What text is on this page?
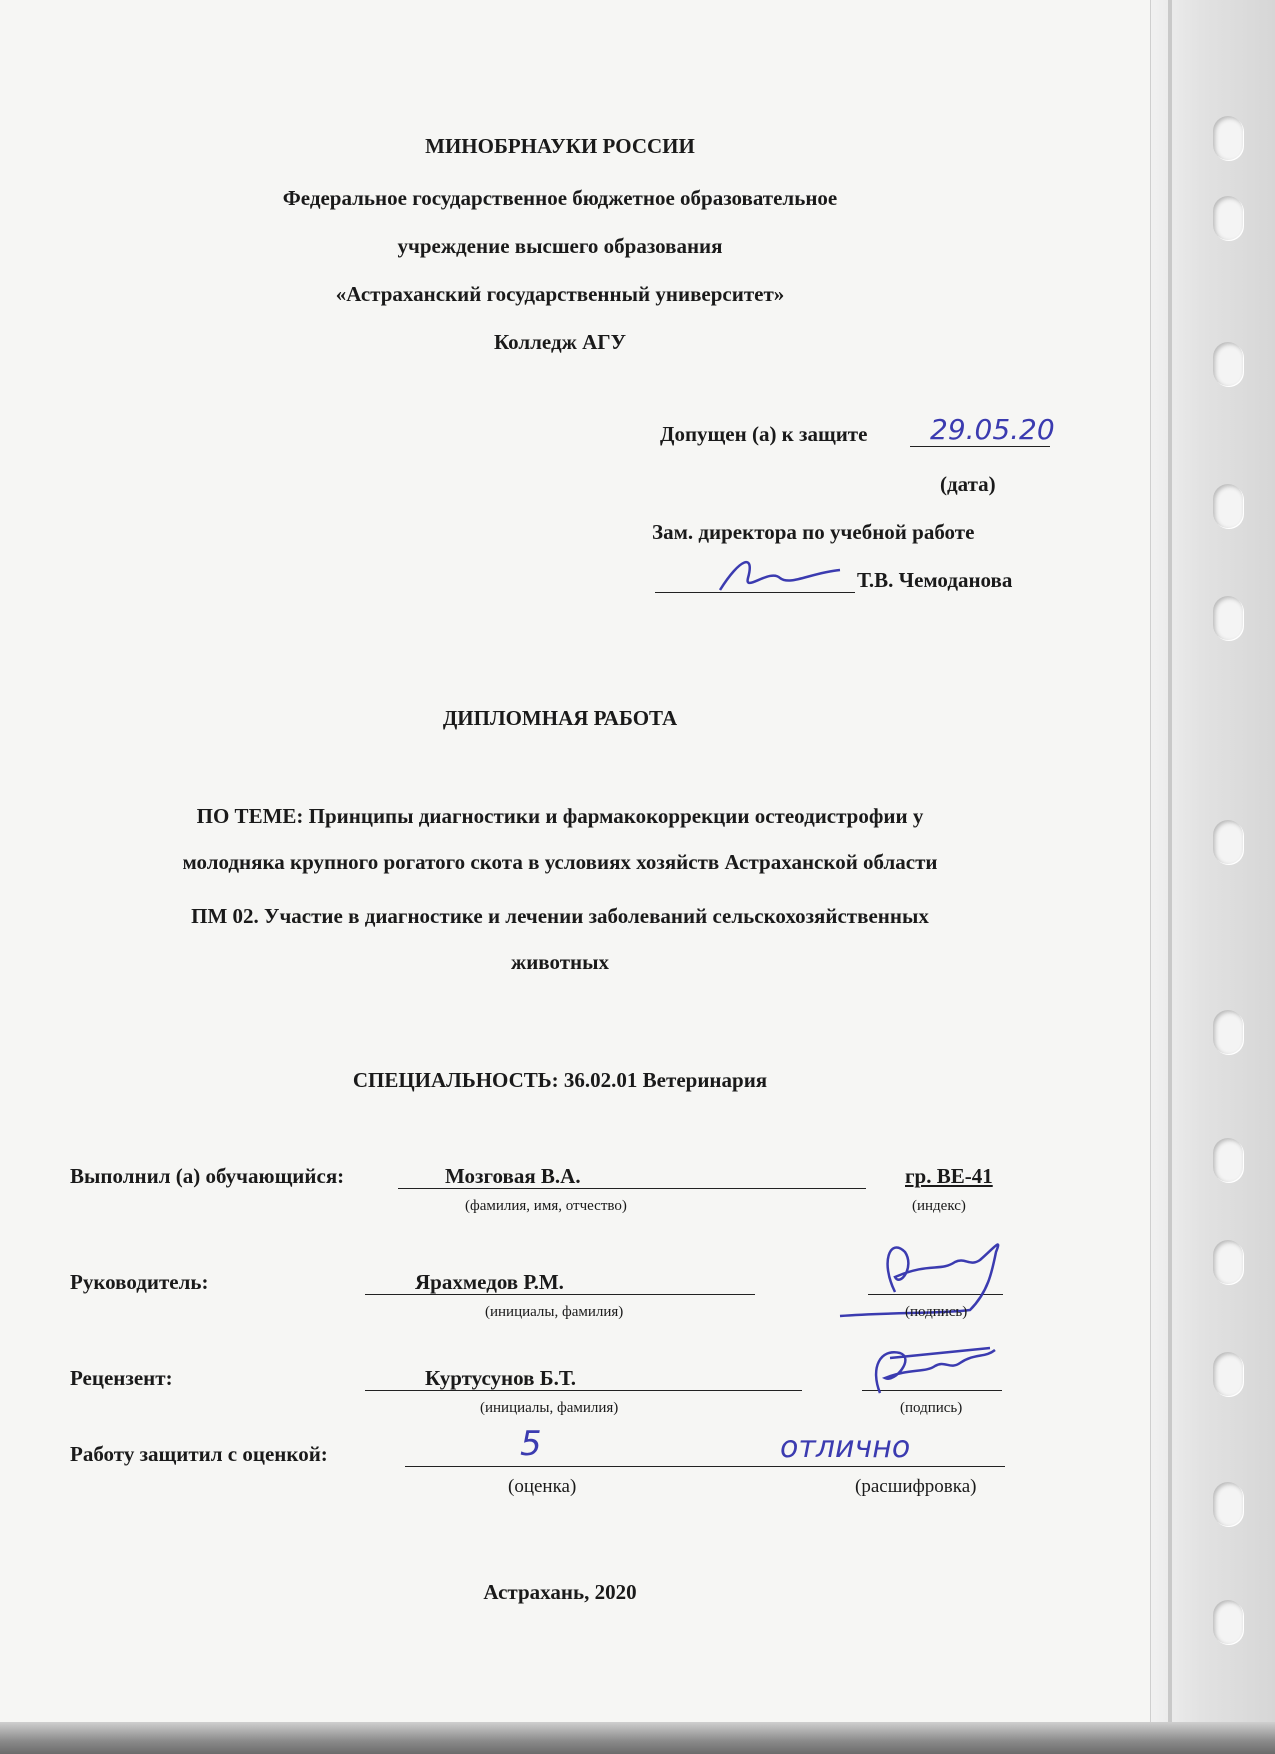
МИНОБРНАУКИ РОССИИ
Федеральное государственное бюджетное образовательное
учреждение высшего образования
«Астраханский государственный университет»
Колледж АГУ
Допущен (а) к защите 29.05.20
(дата)
Зам. директора по учебной работе
Т.В. Чемоданова
ДИПЛОМНАЯ РАБОТА
ПО ТЕМЕ: Принципы диагностики и фармакокоррекции остеодистрофии у
молодняка крупного рогатого скота в условиях хозяйств Астраханской области
ПМ 02. Участие в диагностике и лечении заболеваний сельскохозяйственных
животных
СПЕЦИАЛЬНОСТЬ: 36.02.01 Ветеринария
Выполнил (а) обучающийся:	Мозговая В.А.	гр. ВЕ-41
(фамилия, имя, отчество)	(индекс)
Руководитель:	Ярахмедов Р.М.
(инициалы, фамилия)	(подпись)
Рецензент:	Куртусунов Б.Т.
(инициалы, фамилия)	(подпись)
Работу защитил с оценкой:	5	отлично
(оценка)	(расшифровка)
Астрахань, 2020
